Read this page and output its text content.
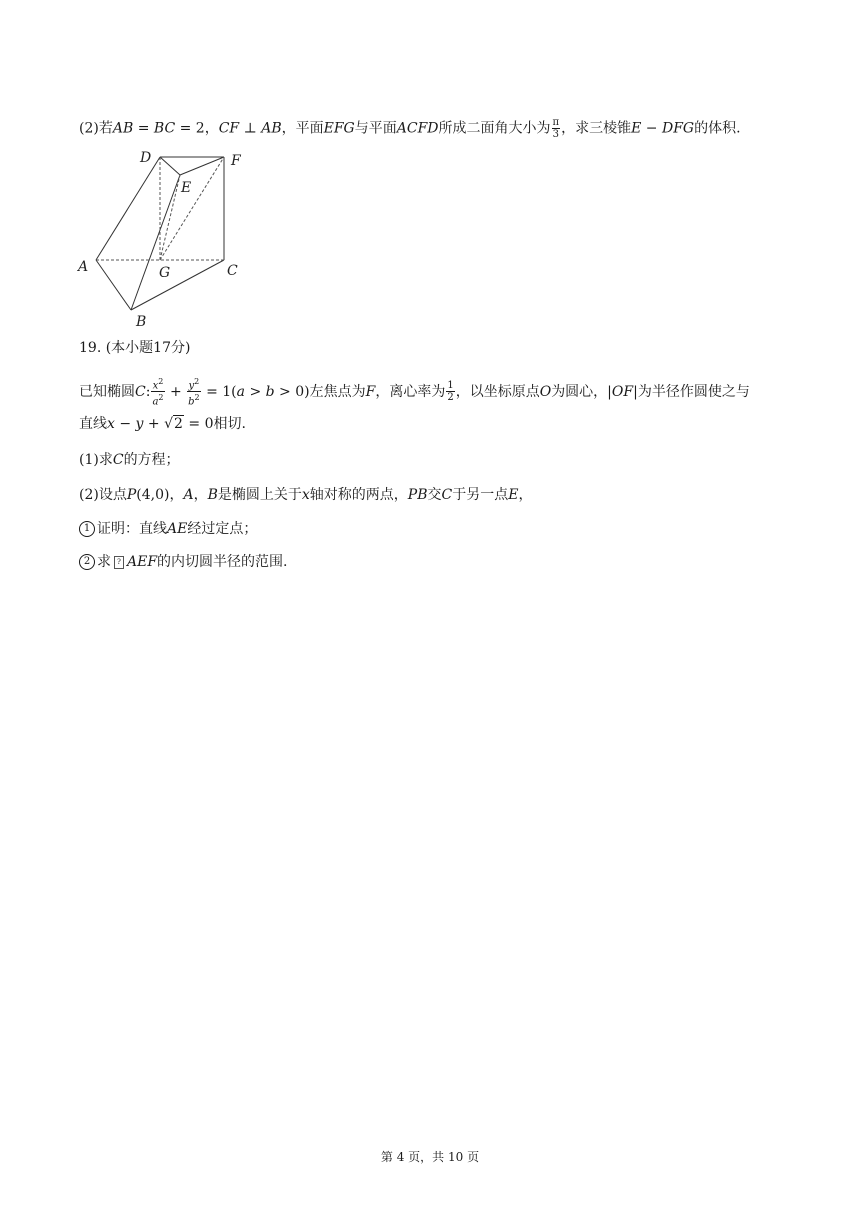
(2)若AB = BC = 2，CF ⊥ AB，平面EFG与平面ACFD所成二面角大小为 $\frac{\pi}{3}$ ，求三棱锥E − DFG的体积.
A
B
C
D
E
F
G
19. (本小题17分)
已知椭圆C: $\frac{x^2}{a^2} + \frac{y^2}{b^2} = 1(a > b > 0)$左焦点为F，离心率为 $\frac{1}{2}$ ，以坐标原点O为圆心，|OF|为半径作圆使之与
直线x − y + √2 = 0相切.
(1)求C的方程；
(2)设点P(4,0)，A，B是椭圆上关于x轴对称的两点，PB交C于另一点E，
1 证明：直线AE经过定点；
2 求 ? AEF的内切圆半径的范围.
第 4 页，共 10 页
